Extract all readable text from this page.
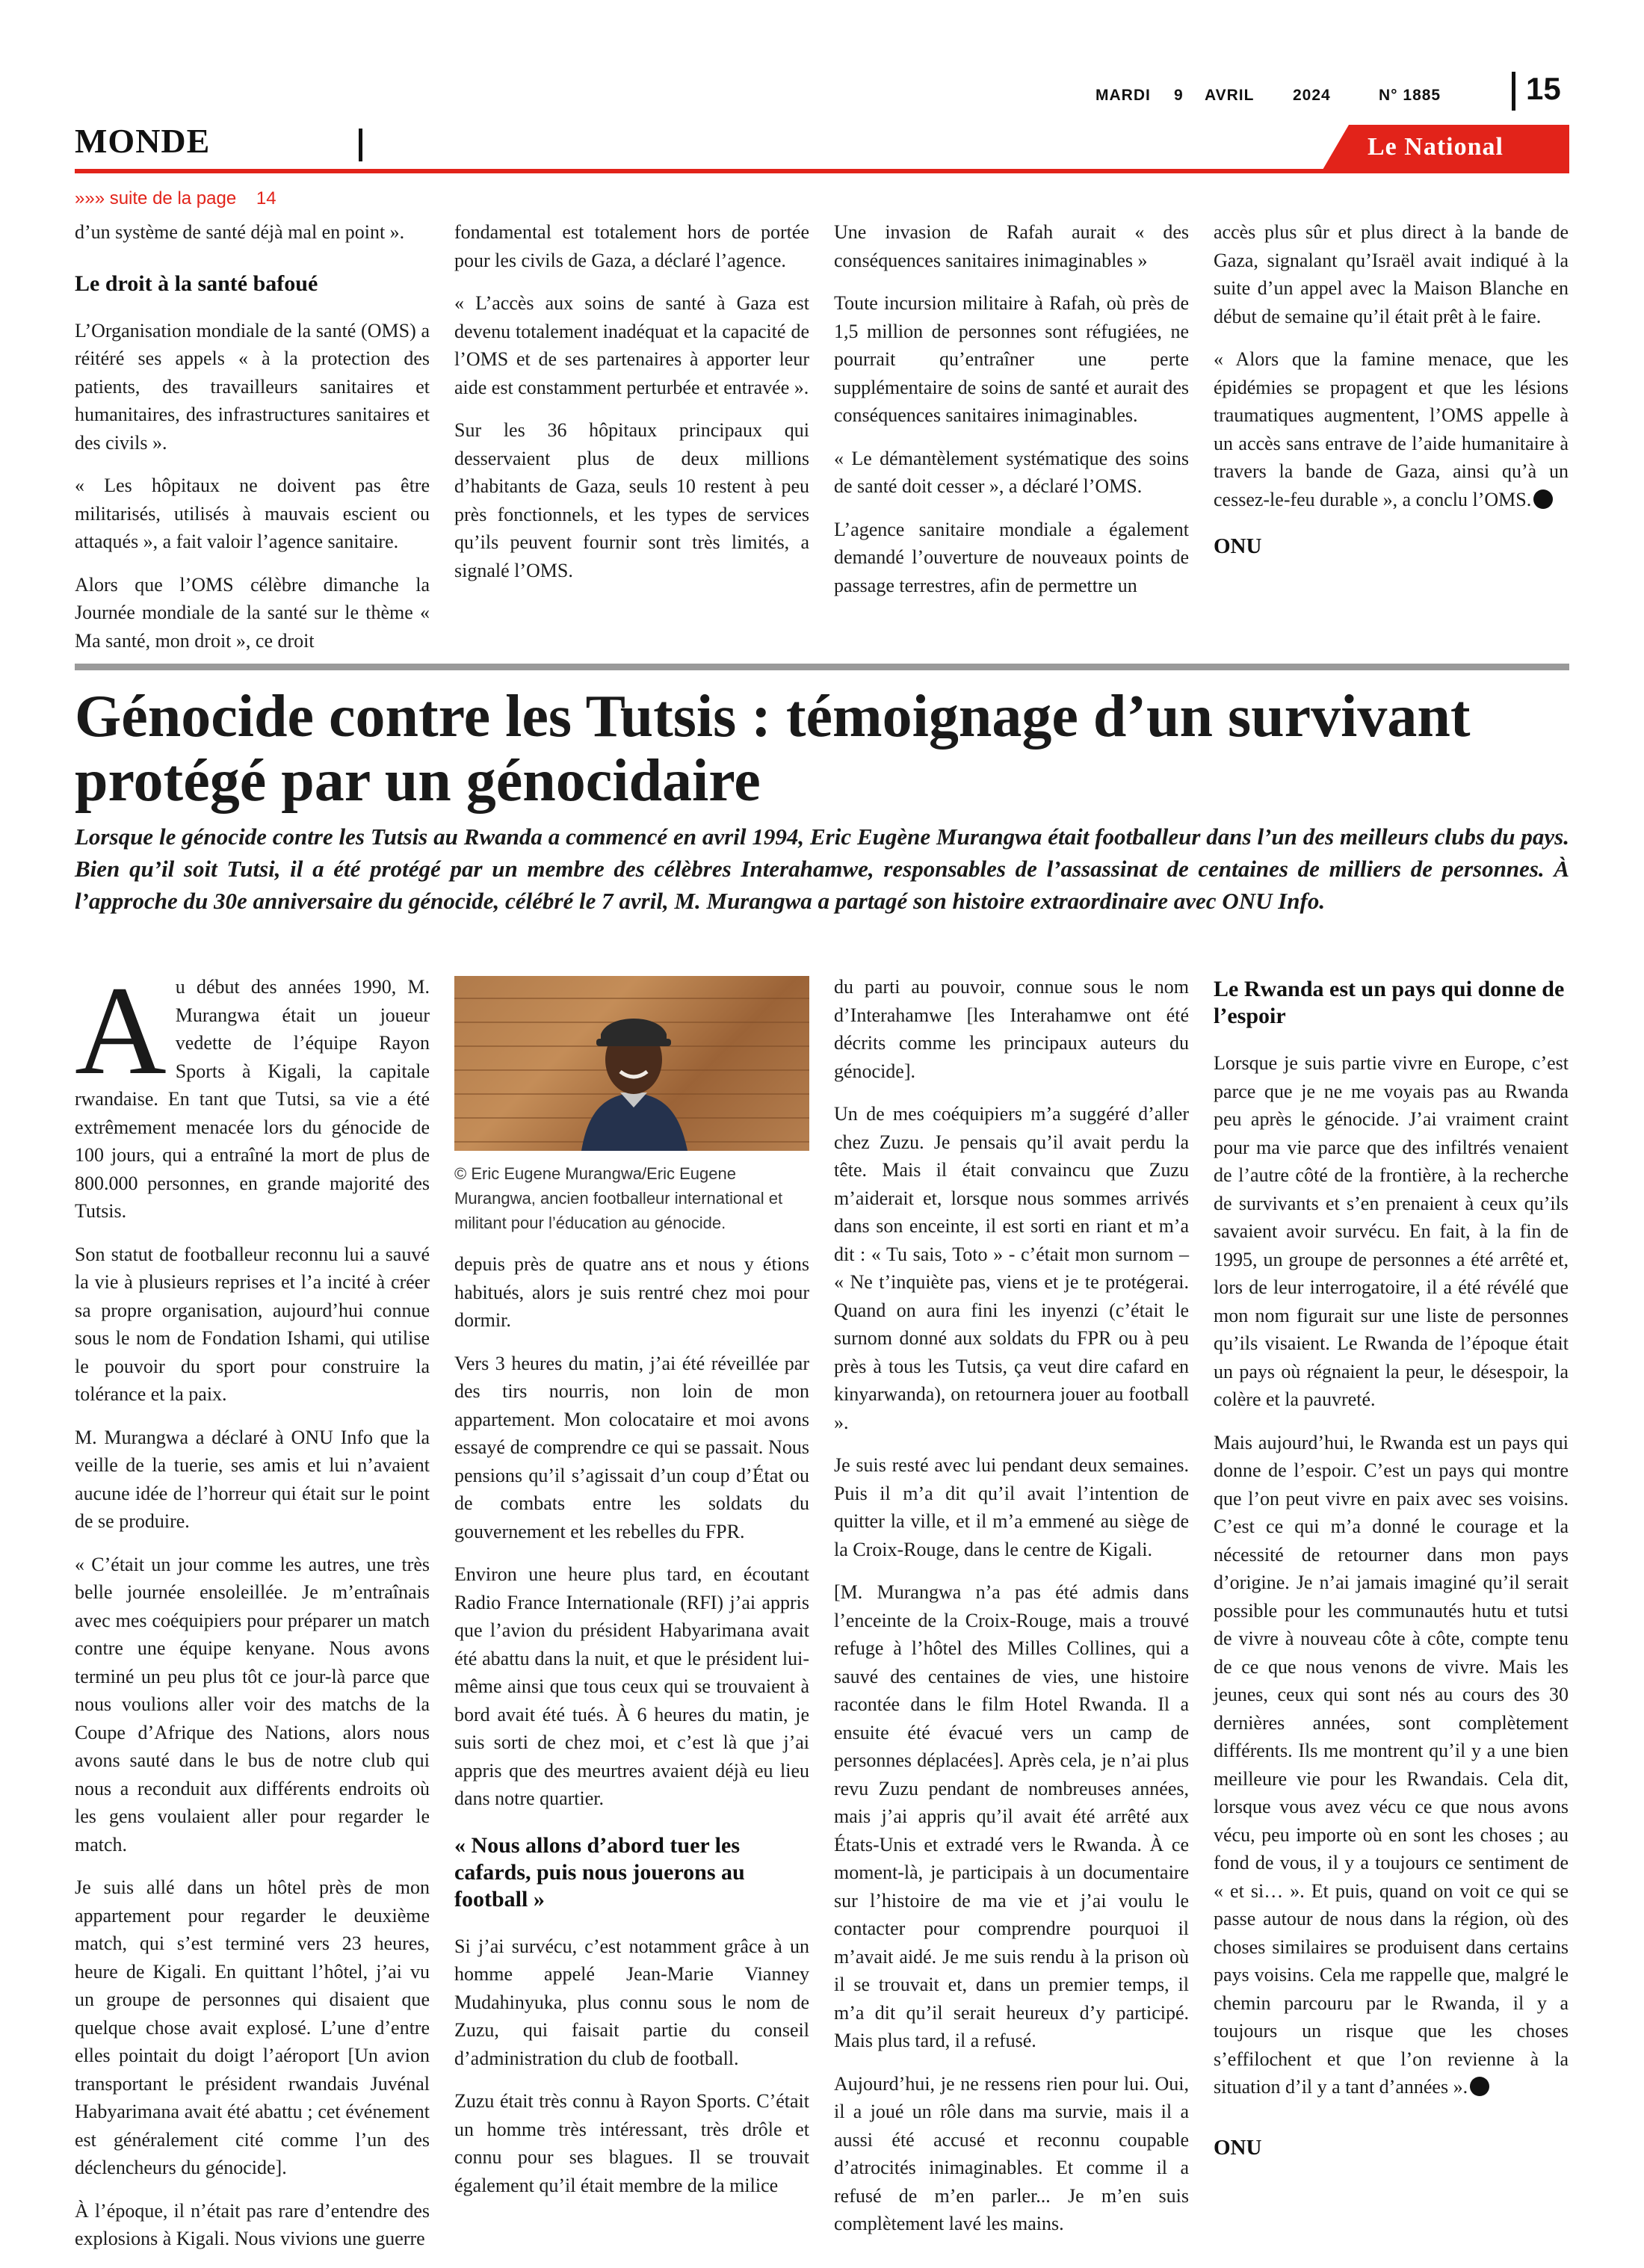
MARDI 9 AVRIL 2024	N° 1885	15
MONDE	Le National
»»» suite de la page    14

d’un système de santé déjà mal en point ».

Le droit à la santé bafoué

L’Organisation mondiale de la santé (OMS) a réitéré ses appels « à la protection des patients, des travailleurs sanitaires et humanitaires, des infrastructures sanitaires et des civils ».

« Les hôpitaux ne doivent pas être militarisés, utilisés à mauvais escient ou attaqués », a fait valoir l’agence sanitaire.

Alors que l’OMS célèbre dimanche la Journée mondiale de la santé sur le thème « Ma santé, mon droit », ce droit

fondamental est totalement hors de portée pour les civils de Gaza, a déclaré l’agence.

« L’accès aux soins de santé à Gaza est devenu totalement inadéquat et la capacité de l’OMS et de ses partenaires à apporter leur aide est constamment perturbée et entravée ».

Sur les 36 hôpitaux principaux qui desservaient plus de deux millions d’habitants de Gaza, seuls 10 restent à peu près fonctionnels, et les types de services qu’ils peuvent fournir sont très limités, a signalé l’OMS.

Une invasion de Rafah aurait « des conséquences sanitaires inimaginables »

Toute incursion militaire à Rafah, où près de 1,5 million de personnes sont réfugiées, ne pourrait qu’entraîner une perte supplémentaire de soins de santé et aurait des conséquences sanitaires inimaginables.

« Le démantèlement systématique des soins de santé doit cesser », a déclaré l’OMS.

L’agence sanitaire mondiale a également demandé l’ouverture de nouveaux points de passage terrestres, afin de permettre un

accès plus sûr et plus direct à la bande de Gaza, signalant qu’Israël avait indiqué à la suite d’un appel avec la Maison Blanche en début de semaine qu’il était prêt à le faire.

« Alors que la famine menace, que les épidémies se propagent et que les lésions traumatiques augmentent, l’OMS appelle à un accès sans entrave de l’aide humanitaire à travers la bande de Gaza, ainsi qu’à un cessez-le-feu durable », a conclu l’OMS.

ONU
Génocide contre les Tutsis : témoignage d’un survivant protégé par un génocidaire
Lorsque le génocide contre les Tutsis au Rwanda a commencé en avril 1994, Eric Eugène Murangwa était footballeur dans l’un des meilleurs clubs du pays. Bien qu’il soit Tutsi, il a été protégé par un membre des célèbres Interahamwe, responsables de l’assassinat de centaines de milliers de personnes. À l’approche du 30e anniversaire du génocide, célébré le 7 avril, M. Murangwa a partagé son histoire extraordinaire avec ONU Info.

Au début des années 1990, M. Murangwa était un joueur vedette de l’équipe Rayon Sports à Kigali, la capitale rwandaise. En tant que Tutsi, sa vie a été extrêmement menacée lors du génocide de 100 jours, qui a entraîné la mort de plus de 800.000 personnes, en grande majorité des Tutsis.

Son statut de footballeur reconnu lui a sauvé la vie à plusieurs reprises et l’a incité à créer sa propre organisation, aujourd’hui connue sous le nom de Fondation Ishami, qui utilise le pouvoir du sport pour construire la tolérance et la paix.

M. Murangwa a déclaré à ONU Info que la veille de la tuerie, ses amis et lui n’avaient aucune idée de l’horreur qui était sur le point de se produire.

« C’était un jour comme les autres, une très belle journée ensoleillée. Je m’entraînais avec mes coéquipiers pour préparer un match contre une équipe kenyane. Nous avons terminé un peu plus tôt ce jour-là parce que nous voulions aller voir des matchs de la Coupe d’Afrique des Nations, alors nous avons sauté dans le bus de notre club qui nous a reconduit aux différents endroits où les gens voulaient aller pour regarder le match.

Je suis allé dans un hôtel près de mon appartement pour regarder le deuxième match, qui s’est terminé vers 23 heures, heure de Kigali. En quittant l’hôtel, j’ai vu un groupe de personnes qui disaient que quelque chose avait explosé. L’une d’entre elles pointait du doigt l’aéroport [Un avion transportant le président rwandais Juvénal Habyarimana avait été abattu ; cet événement est généralement cité comme l’un des déclencheurs du génocide].

À l’époque, il n’était pas rare d’entendre des explosions à Kigali. Nous vivions une guerre

© Eric Eugene Murangwa/Eric Eugene Murangwa, ancien footballeur international et militant pour l’éducation au génocide.

depuis près de quatre ans et nous y étions habitués, alors je suis rentré chez moi pour dormir.

Vers 3 heures du matin, j’ai été réveillée par des tirs nourris, non loin de mon appartement. Mon colocataire et moi avons essayé de comprendre ce qui se passait. Nous pensions qu’il s’agissait d’un coup d’État ou de combats entre les soldats du gouvernement et les rebelles du FPR.

Environ une heure plus tard, en écoutant Radio France Internationale (RFI) j’ai appris que l’avion du président Habyarimana avait été abattu dans la nuit, et que le président lui-même ainsi que tous ceux qui se trouvaient à bord avait été tués. À 6 heures du matin, je suis sorti de chez moi, et c’est là que j’ai appris que des meurtres avaient déjà eu lieu dans notre quartier.

« Nous allons d’abord tuer les cafards, puis nous jouerons au football »

Si j’ai survécu, c’est notamment grâce à un homme appelé Jean-Marie Vianney Mudahinyuka, plus connu sous le nom de Zuzu, qui faisait partie du conseil d’administration du club de football.

Zuzu était très connu à Rayon Sports. C’était un homme très intéressant, très drôle et connu pour ses blagues. Il se trouvait également qu’il était membre de la milice

du parti au pouvoir, connue sous le nom d’Interahamwe [les Interahamwe ont été décrits comme les principaux auteurs du génocide].

Un de mes coéquipiers m’a suggéré d’aller chez Zuzu. Je pensais qu’il avait perdu la tête. Mais il était convaincu que Zuzu m’aiderait et, lorsque nous sommes arrivés dans son enceinte, il est sorti en riant et m’a dit : « Tu sais, Toto » - c’était mon surnom – « Ne t’inquiète pas, viens et je te protégerai. Quand on aura fini les inyenzi (c’était le surnom donné aux soldats du FPR ou à peu près à tous les Tutsis, ça veut dire cafard en kinyarwanda), on retournera jouer au football ».

Je suis resté avec lui pendant deux semaines. Puis il m’a dit qu’il avait l’intention de quitter la ville, et il m’a emmené au siège de la Croix-Rouge, dans le centre de Kigali.

[M. Murangwa n’a pas été admis dans l’enceinte de la Croix-Rouge, mais a trouvé refuge à l’hôtel des Milles Collines, qui a sauvé des centaines de vies, une histoire racontée dans le film Hotel Rwanda. Il a ensuite été évacué vers un camp de personnes déplacées]. Après cela, je n’ai plus revu Zuzu pendant de nombreuses années, mais j’ai appris qu’il avait été arrêté aux États-Unis et extradé vers le Rwanda. À ce moment-là, je participais à un documentaire sur l’histoire de ma vie et j’ai voulu le contacter pour comprendre pourquoi il m’avait aidé. Je me suis rendu à la prison où il se trouvait et, dans un premier temps, il m’a dit qu’il serait heureux d’y participé. Mais plus tard, il a refusé.

Aujourd’hui, je ne ressens rien pour lui. Oui, il a joué un rôle dans ma survie, mais il a aussi été accusé et reconnu coupable d’atrocités inimaginables. Et comme il a refusé de m’en parler... Je m’en suis complètement lavé les mains.

Le Rwanda est un pays qui donne de l’espoir

Lorsque je suis partie vivre en Europe, c’est parce que je ne me voyais pas au Rwanda peu après le génocide. J’ai vraiment craint pour ma vie parce que des infiltrés venaient de l’autre côté de la frontière, à la recherche de survivants et s’en prenaient à ceux qu’ils savaient avoir survécu. En fait, à la fin de 1995, un groupe de personnes a été arrêté et, lors de leur interrogatoire, il a été révélé que mon nom figurait sur une liste de personnes qu’ils visaient. Le Rwanda de l’époque était un pays où régnaient la peur, le désespoir, la colère et la pauvreté.

Mais aujourd’hui, le Rwanda est un pays qui donne de l’espoir. C’est un pays qui montre que l’on peut vivre en paix avec ses voisins. C’est ce qui m’a donné le courage et la nécessité de retourner dans mon pays d’origine. Je n’ai jamais imaginé qu’il serait possible pour les communautés hutu et tutsi de vivre à nouveau côte à côte, compte tenu de ce que nous venons de vivre. Mais les jeunes, ceux qui sont nés au cours des 30 dernières années, sont complètement différents. Ils me montrent qu’il y a une bien meilleure vie pour les Rwandais. Cela dit, lorsque vous avez vécu ce que nous avons vécu, peu importe où en sont les choses ; au fond de vous, il y a toujours ce sentiment de « et si… ». Et puis, quand on voit ce qui se passe autour de nous dans la région, où des choses similaires se produisent dans certains pays voisins. Cela me rappelle que, malgré le chemin parcouru par le Rwanda, il y a toujours un risque que les choses s’effilochent et que l’on revienne à la situation d’il y a tant d’années ».

ONU
